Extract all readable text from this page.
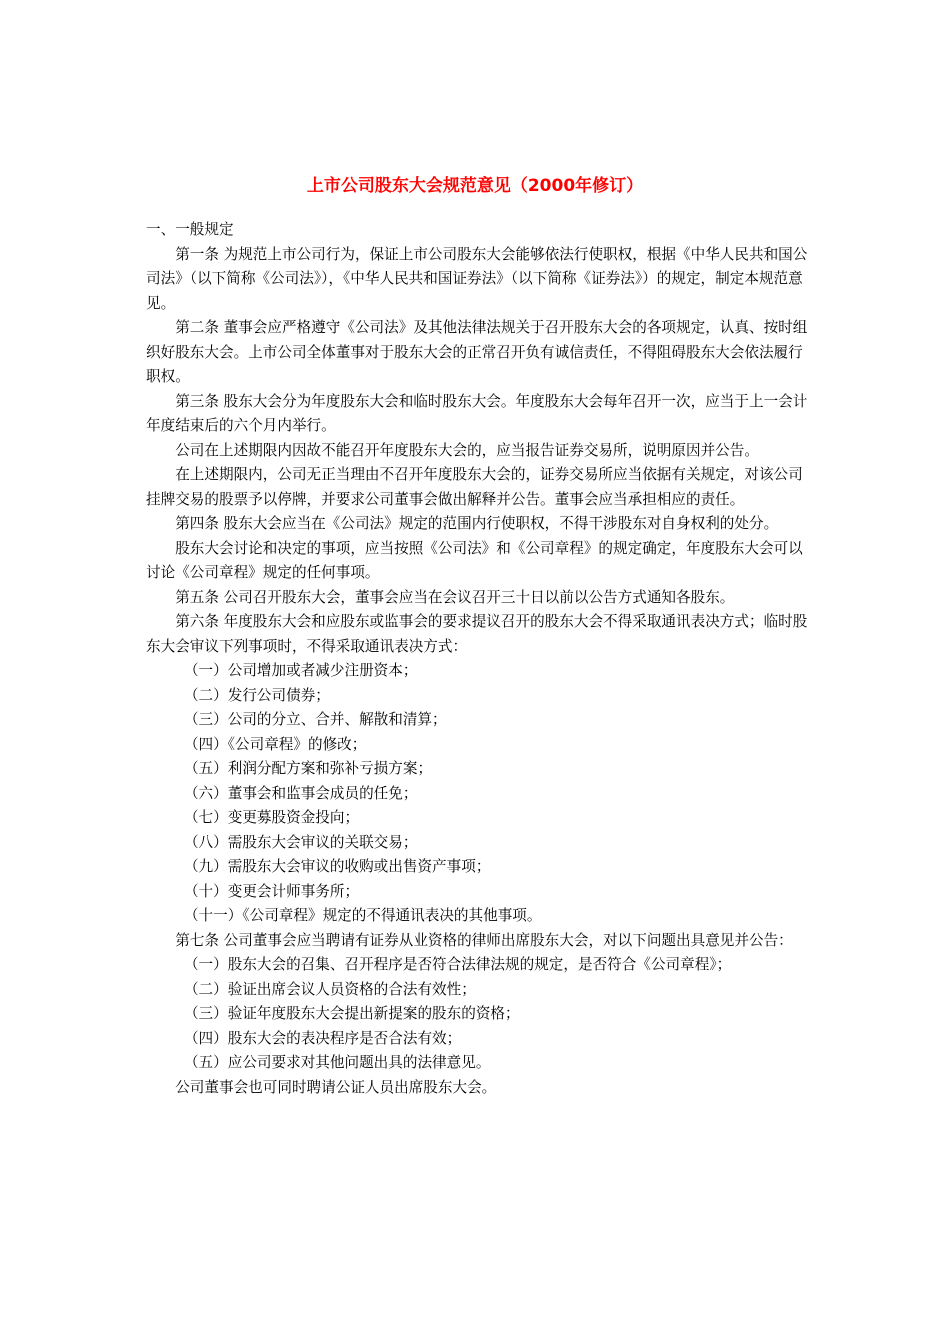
上市公司股东大会规范意见（2000年修订）

一、一般规定

第一条 为规范上市公司行为，保证上市公司股东大会能够依法行使职权，根据《中华人民共和国公司法》（以下简称《公司法》），《中华人民共和国证券法》（以下简称《证券法》）的规定，制定本规范意见。

第二条 董事会应严格遵守《公司法》及其他法律法规关于召开股东大会的各项规定，认真、按时组织好股东大会。上市公司全体董事对于股东大会的正常召开负有诚信责任，不得阻碍股东大会依法履行职权。

第三条 股东大会分为年度股东大会和临时股东大会。年度股东大会每年召开一次，应当于上一会计年度结束后的六个月内举行。

公司在上述期限内因故不能召开年度股东大会的，应当报告证券交易所，说明原因并公告。

在上述期限内，公司无正当理由不召开年度股东大会的，证券交易所应当依据有关规定，对该公司挂牌交易的股票予以停牌，并要求公司董事会做出解释并公告。董事会应当承担相应的责任。

第四条 股东大会应当在《公司法》规定的范围内行使职权，不得干涉股东对自身权利的处分。

股东大会讨论和决定的事项，应当按照《公司法》和《公司章程》的规定确定，年度股东大会可以讨论《公司章程》规定的任何事项。

第五条 公司召开股东大会，董事会应当在会议召开三十日以前以公告方式通知各股东。

第六条 年度股东大会和应股东或监事会的要求提议召开的股东大会不得采取通讯表决方式；临时股东大会审议下列事项时，不得采取通讯表决方式：

（一）公司增加或者减少注册资本；

（二）发行公司债券；

（三）公司的分立、合并、解散和清算；

（四）《公司章程》的修改；

（五）利润分配方案和弥补亏损方案；

（六）董事会和监事会成员的任免；

（七）变更募股资金投向；

（八）需股东大会审议的关联交易；

（九）需股东大会审议的收购或出售资产事项；

（十）变更会计师事务所；

（十一）《公司章程》规定的不得通讯表决的其他事项。

第七条 公司董事会应当聘请有证券从业资格的律师出席股东大会，对以下问题出具意见并公告：

（一）股东大会的召集、召开程序是否符合法律法规的规定，是否符合《公司章程》；

（二）验证出席会议人员资格的合法有效性；

（三）验证年度股东大会提出新提案的股东的资格；

（四）股东大会的表决程序是否合法有效；

（五）应公司要求对其他问题出具的法律意见。

公司董事会也可同时聘请公证人员出席股东大会。
